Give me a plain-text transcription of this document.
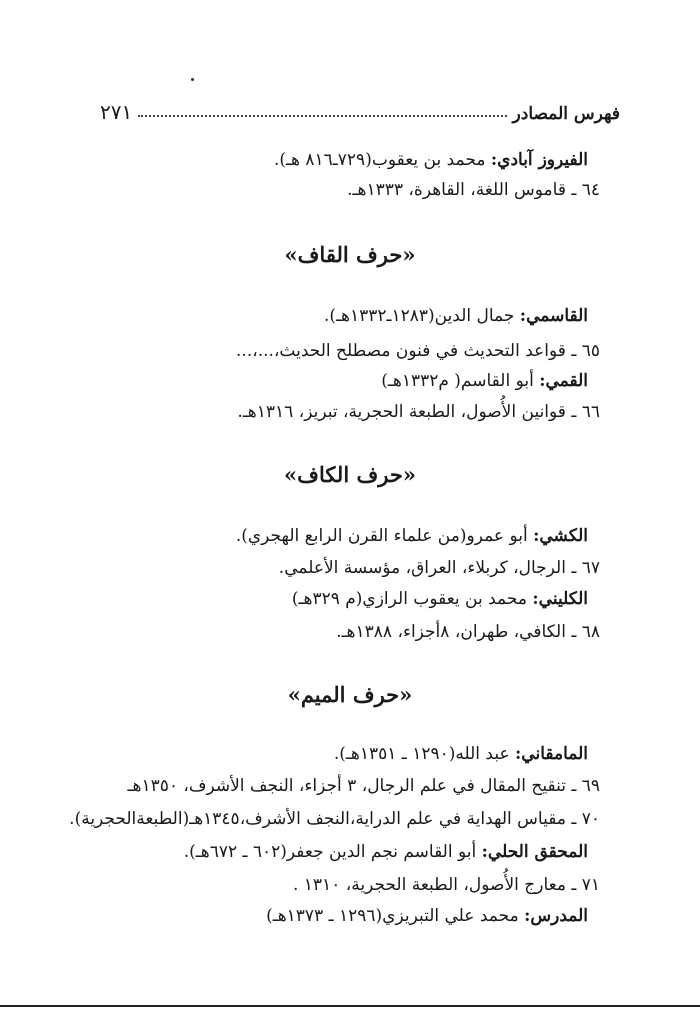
فهرس المصادر
٢٧١
الفيروز آبادي: محمد بن يعقوب(٧٢٩ـ٨١٦ هـ).
٦٤ ـ قاموس اللغة، القاهرة، ١٣٣٣هـ.
«حرف القاف»
القاسمي: جمال الدين(١٢٨٣ـ١٣٣٢هـ).
٦٥ ـ قواعد التحديث في فنون مصطلح الحديث،...،...
القمي: أبو القاسم( م١٣٣٢هـ)
٦٦ ـ قوانين الأُصول، الطبعة الحجرية، تبريز، ١٣١٦هـ.
«حرف الكاف»
الكشي: أبو عمرو(من علماء القرن الرابع الهجري).
٦٧ ـ الرجال، كربلاء، العراق، مؤسسة الأعلمي.
الكليني: محمد بن يعقوب الرازي(م ٣٢٩هـ)
٦٨ ـ الكافي، طهران، ٨أجزاء، ١٣٨٨هـ.
«حرف الميم»
المامقاني: عبد الله(١٢٩٠ ـ ١٣٥١هـ).
٦٩ ـ تنقيح المقال في علم الرجال، ٣ أجزاء، النجف الأشرف، ١٣٥٠هـ
٧٠ ـ مقياس الهداية في علم الدراية،النجف الأشرف،١٣٤٥هـ(الطبعةالحجرية).
المحقق الحلي: أبو القاسم نجم الدين جعفر(٦٠٢ ـ ٦٧٢هـ).
٧١ ـ معارج الأُصول، الطبعة الحجرية، ١٣١٠ .
المدرس: محمد علي التبريزي(١٢٩٦ ـ ١٣٧٣هـ)
